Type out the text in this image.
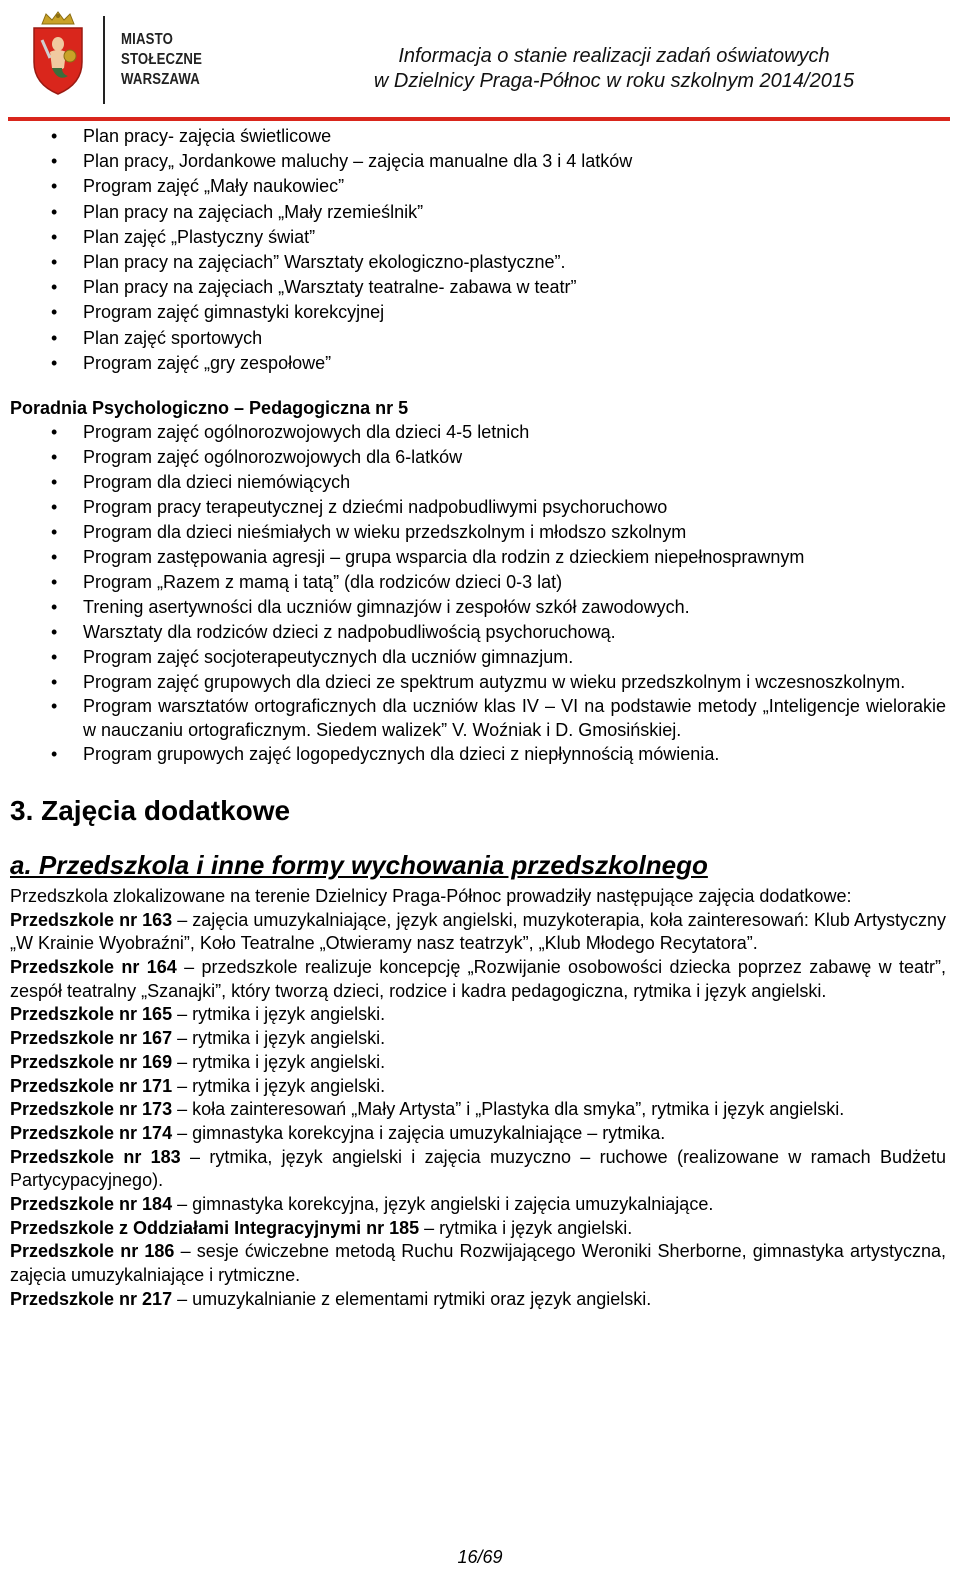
MIASTO
STOŁECZNE
WARSZAWA
Informacja o stanie realizacji zadań oświatowych
w Dzielnicy Praga-Północ w roku szkolnym 2014/2015
• Plan pracy- zajęcia świetlicowe
• Plan pracy„ Jordankowe maluchy – zajęcia manualne dla 3 i 4 latków
• Program zajęć „Mały naukowiec”
• Plan pracy na zajęciach „Mały rzemieślnik”
• Plan zajęć „Plastyczny świat”
• Plan pracy na zajęciach” Warsztaty ekologiczno-plastyczne”.
• Plan pracy na zajęciach „Warsztaty teatralne- zabawa w teatr”
• Program zajęć gimnastyki korekcyjnej
• Plan zajęć sportowych
• Program zajęć „gry zespołowe”
Poradnia Psychologiczno – Pedagogiczna nr 5
• Program zajęć ogólnorozwojowych dla dzieci 4-5 letnich
• Program zajęć ogólnorozwojowych dla 6-latków
• Program dla dzieci niemówiących
• Program pracy terapeutycznej z dziećmi nadpobudliwymi psychoruchowo
• Program dla dzieci nieśmiałych w wieku przedszkolnym i młodszo szkolnym
• Program zastępowania agresji – grupa wsparcia dla rodzin z dzieckiem niepełnosprawnym
• Program „Razem z mamą i tatą” (dla rodziców dzieci 0-3 lat)
• Trening asertywności dla uczniów gimnazjów i zespołów szkół zawodowych.
• Warsztaty dla rodziców dzieci z nadpobudliwością psychoruchową.
• Program zajęć socjoterapeutycznych dla uczniów gimnazjum.
• Program zajęć grupowych dla dzieci ze spektrum autyzmu w wieku przedszkolnym i wczesnoszkolnym.
• Program warsztatów ortograficznych dla uczniów klas IV – VI na podstawie metody „Inteligencje wielorakie w nauczaniu ortograficznym. Siedem walizek” V. Woźniak i D. Gmosińskiej.
• Program grupowych zajęć logopedycznych dla dzieci z niepłynnością mówienia.
3. Zajęcia dodatkowe
a. Przedszkola i inne formy wychowania przedszkolnego

Przedszkola zlokalizowane na terenie Dzielnicy Praga-Północ prowadziły następujące zajęcia dodatkowe:

Przedszkole nr 163 – zajęcia umuzykalniające, język angielski, muzykoterapia, koła zainteresowań: Klub Artystyczny „W Krainie Wyobraźni”, Koło Teatralne „Otwieramy nasz teatrzyk”, „Klub Młodego Recytatora”.

Przedszkole nr 164 – przedszkole realizuje koncepcję „Rozwijanie osobowości dziecka poprzez zabawę w teatr”, zespół teatralny „Szanajki”, który tworzą dzieci, rodzice i kadra pedagogiczna, rytmika i język angielski.

Przedszkole nr 165 – rytmika i język angielski.

Przedszkole nr 167 – rytmika i język angielski.

Przedszkole nr 169 – rytmika i język angielski.

Przedszkole nr 171 – rytmika i język angielski.

Przedszkole nr 173 – koła zainteresowań „Mały Artysta” i „Plastyka dla smyka”, rytmika i język angielski.

Przedszkole nr 174 – gimnastyka korekcyjna i zajęcia umuzykalniające – rytmika.

Przedszkole nr 183 – rytmika, język angielski i zajęcia muzyczno – ruchowe (realizowane w ramach Budżetu Partycypacyjnego).

Przedszkole nr 184 – gimnastyka korekcyjna, język angielski i zajęcia umuzykalniające.

Przedszkole z Oddziałami Integracyjnymi nr 185 – rytmika i język angielski.

Przedszkole nr 186 – sesje ćwiczebne metodą Ruchu Rozwijającego Weroniki Sherborne, gimnastyka artystyczna, zajęcia umuzykalniające i rytmiczne.

Przedszkole nr 217 – umuzykalnianie z elementami rytmiki oraz język angielski.

16/69
